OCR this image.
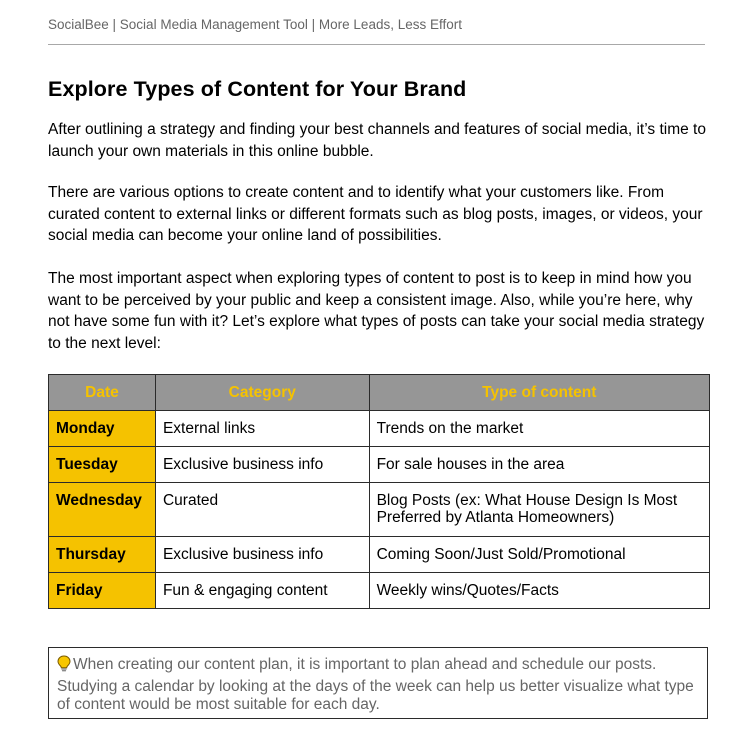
SocialBee | Social Media Management Tool | More Leads, Less Effort
Explore Types of Content for Your Brand

After outlining a strategy and finding your best channels and features of social media, it’s time to launch your own materials in this online bubble.

There are various options to create content and to identify what your customers like. From curated content to external links or different formats such as blog posts, images, or videos, your social media can become your online land of possibilities.

The most important aspect when exploring types of content to post is to keep in mind how you want to be perceived by your public and keep a consistent image. Also, while you’re here, why not have some fun with it? Let’s explore what types of posts can take your social media strategy to the next level:

Date	Category	Type of content
Monday	External links	Trends on the market
Tuesday	Exclusive business info	For sale houses in the area
Wednesday	Curated	Blog Posts (ex: What House Design Is Most Preferred by Atlanta Homeowners)
Thursday	Exclusive business info	Coming Soon/Just Sold/Promotional
Friday	Fun & engaging content	Weekly wins/Quotes/Facts
When creating our content plan, it is important to plan ahead and schedule our posts. Studying a calendar by looking at the days of the week can help us better visualize what type of content would be most suitable for each day.
